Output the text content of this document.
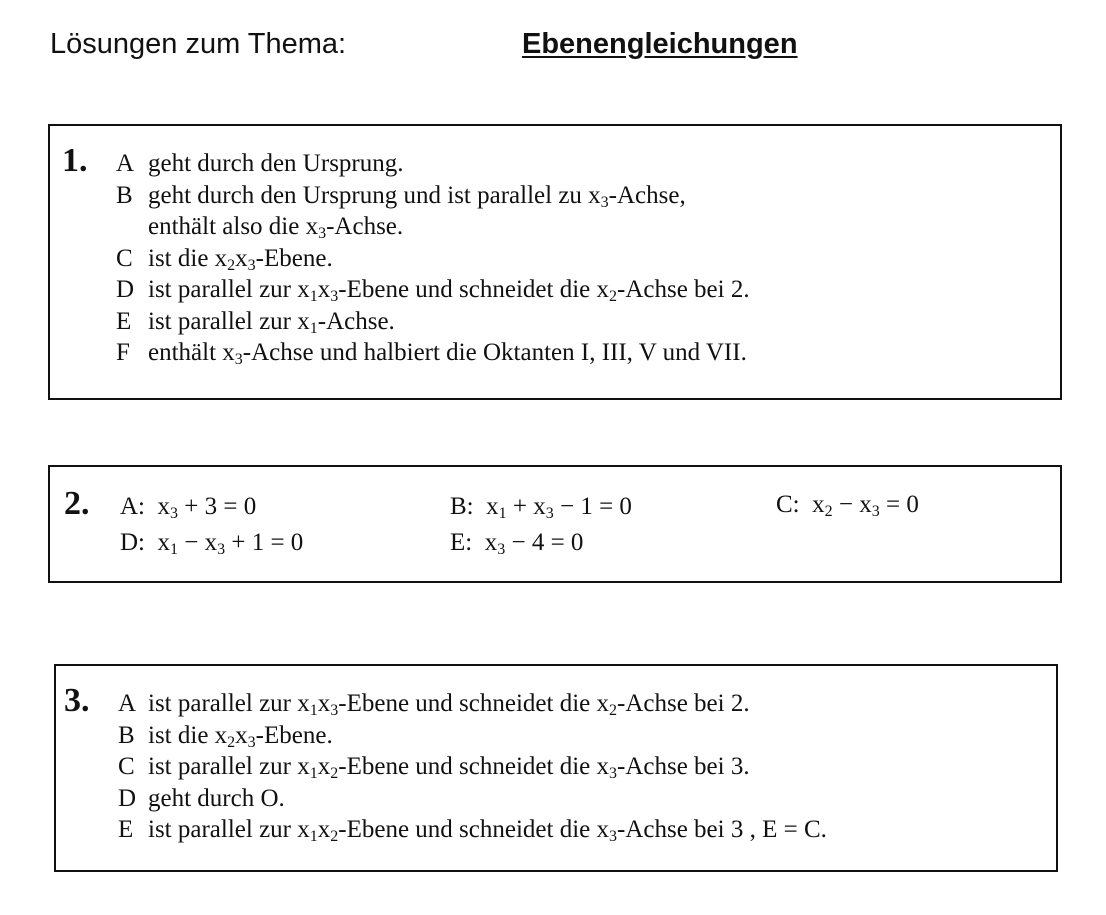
Lösungen zum Thema:	Ebenengleichungen
1. A geht durch den Ursprung.
B geht durch den Ursprung und ist parallel zu $x_3$-Achse,
enthält also die $x_3$-Achse.
C ist die $x_2x_3$-Ebene.
D ist parallel zur $x_1x_3$-Ebene und schneidet die $x_2$-Achse bei 2.
E ist parallel zur $x_1$-Achse.
F enthält $x_3$-Achse und halbiert die Oktanten I, III, V und VII.
2. A:  $x_3 + 3 = 0$	B:  $x_1 + x_3 - 1 = 0$	C:  $x_2 - x_3 = 0$
D:  $x_1 - x_3 + 1 = 0$	E:  $x_3 - 4 = 0$
3. A ist parallel zur $x_1x_3$-Ebene und schneidet die $x_2$-Achse bei 2.
B ist die $x_2x_3$-Ebene.
C ist parallel zur $x_1x_2$-Ebene und schneidet die $x_3$-Achse bei 3.
D geht durch O.
E ist parallel zur $x_1x_2$-Ebene und schneidet die $x_3$-Achse bei 3 , E = C.
